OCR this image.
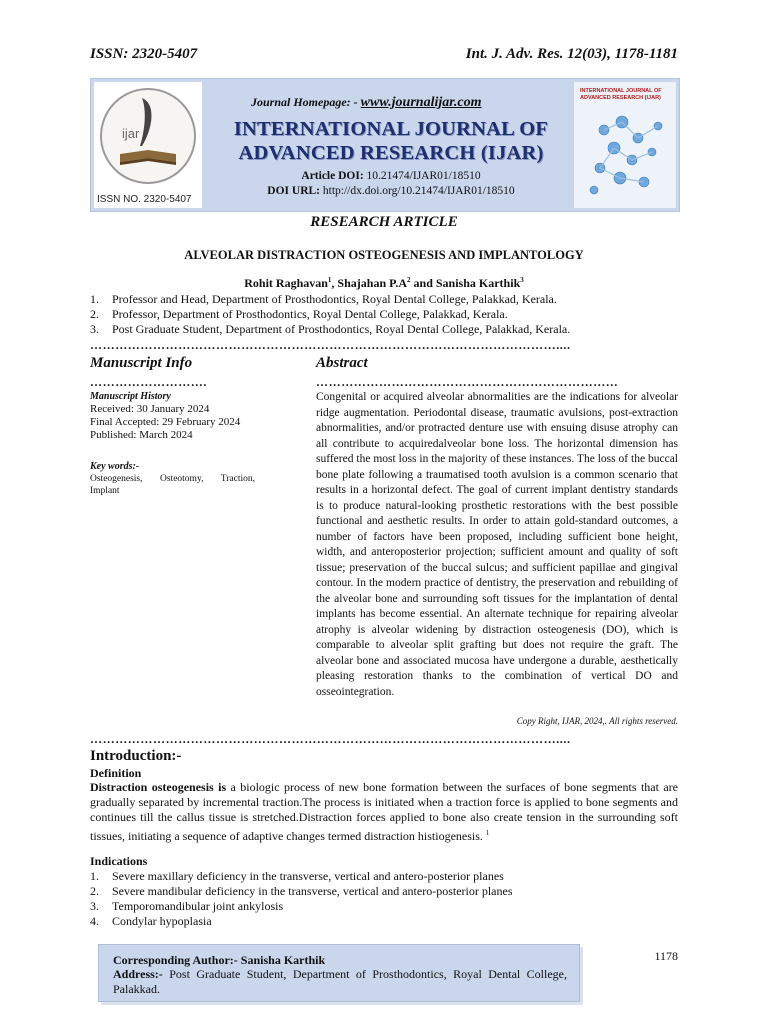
ISSN: 2320-5407	Int. J. Adv. Res. 12(03), 1178-1181
ijar
ISSN NO. 2320-5407
Journal Homepage: - www.journalijar.com
INTERNATIONAL JOURNAL OF ADVANCED RESEARCH (IJAR)
Article DOI: 10.21474/IJAR01/18510
DOI URL: http://dx.doi.org/10.21474/IJAR01/18510
INTERNATIONAL JOURNAL OF ADVANCED RESEARCH (IJAR)
RESEARCH ARTICLE
ALVEOLAR DISTRACTION OSTEOGENESIS AND IMPLANTOLOGY
Rohit Raghavan$^1$, Shajahan $P.A^2$ and Sanisha Karthik$^3$
1. Professor and Head, Department of Prosthodontics, Royal Dental College, Palakkad, Kerala.
2. Professor, Department of Prosthodontics, Royal Dental College, Palakkad, Kerala.
3. Post Graduate Student, Department of Prosthodontics, Royal Dental College, Palakkad, Kerala.
…………………………………………………………………………………………………....
Manuscript Info	Abstract
……………………….	………………………………………………………………
Manuscript History
Received: 30 January 2024
Final Accepted: 29 February 2024
Published: March 2024
Key words:-
Osteogenesis, Osteotomy, Traction,
Implant
Congenital or acquired alveolar abnormalities are the indications for alveolar ridge augmentation. Periodontal disease, traumatic avulsions, post-extraction abnormalities, and/or protracted denture use with ensuing disuse atrophy can all contribute to acquiredalveolar bone loss. The horizontal dimension has suffered the most loss in the majority of these instances. The loss of the buccal bone plate following a traumatised tooth avulsion is a common scenario that results in a horizontal defect. The goal of current implant dentistry standards is to produce natural-looking prosthetic restorations with the best possible functional and aesthetic results. In order to attain gold-standard outcomes, a number of factors have been proposed, including sufficient bone height, width, and anteroposterior projection; sufficient amount and quality of soft tissue; preservation of the buccal sulcus; and sufficient papillae and gingival contour. In the modern practice of dentistry, the preservation and rebuilding of the alveolar bone and surrounding soft tissues for the implantation of dental implants has become essential. An alternate technique for repairing alveolar atrophy is alveolar widening by distraction osteogenesis (DO), which is comparable to alveolar split grafting but does not require the graft. The alveolar bone and associated mucosa have undergone a durable, aesthetically pleasing restoration thanks to the combination of vertical DO and osseointegration.
Copy Right, IJAR, 2024,. All rights reserved.
…………………………………………………………………………………………………....
Introduction:-
Definition
Distraction osteogenesis is a biologic process of new bone formation between the surfaces of bone segments that are gradually separated by incremental traction.The process is initiated when a traction force is applied to bone segments and continues till the callus tissue is stretched.Distraction forces applied to bone also create tension in the surrounding soft tissues, initiating a sequence of adaptive changes termed distraction histiogenesis. $^1$
Indications
1. Severe maxillary deficiency in the transverse, vertical and antero-posterior planes
2. Severe mandibular deficiency in the transverse, vertical and antero-posterior planes
3. Temporomandibular joint ankylosis
4. Condylar hypoplasia
Corresponding Author:- Sanisha Karthik
Address:- Post Graduate Student, Department of Prosthodontics, Royal Dental College, Palakkad.
1178
